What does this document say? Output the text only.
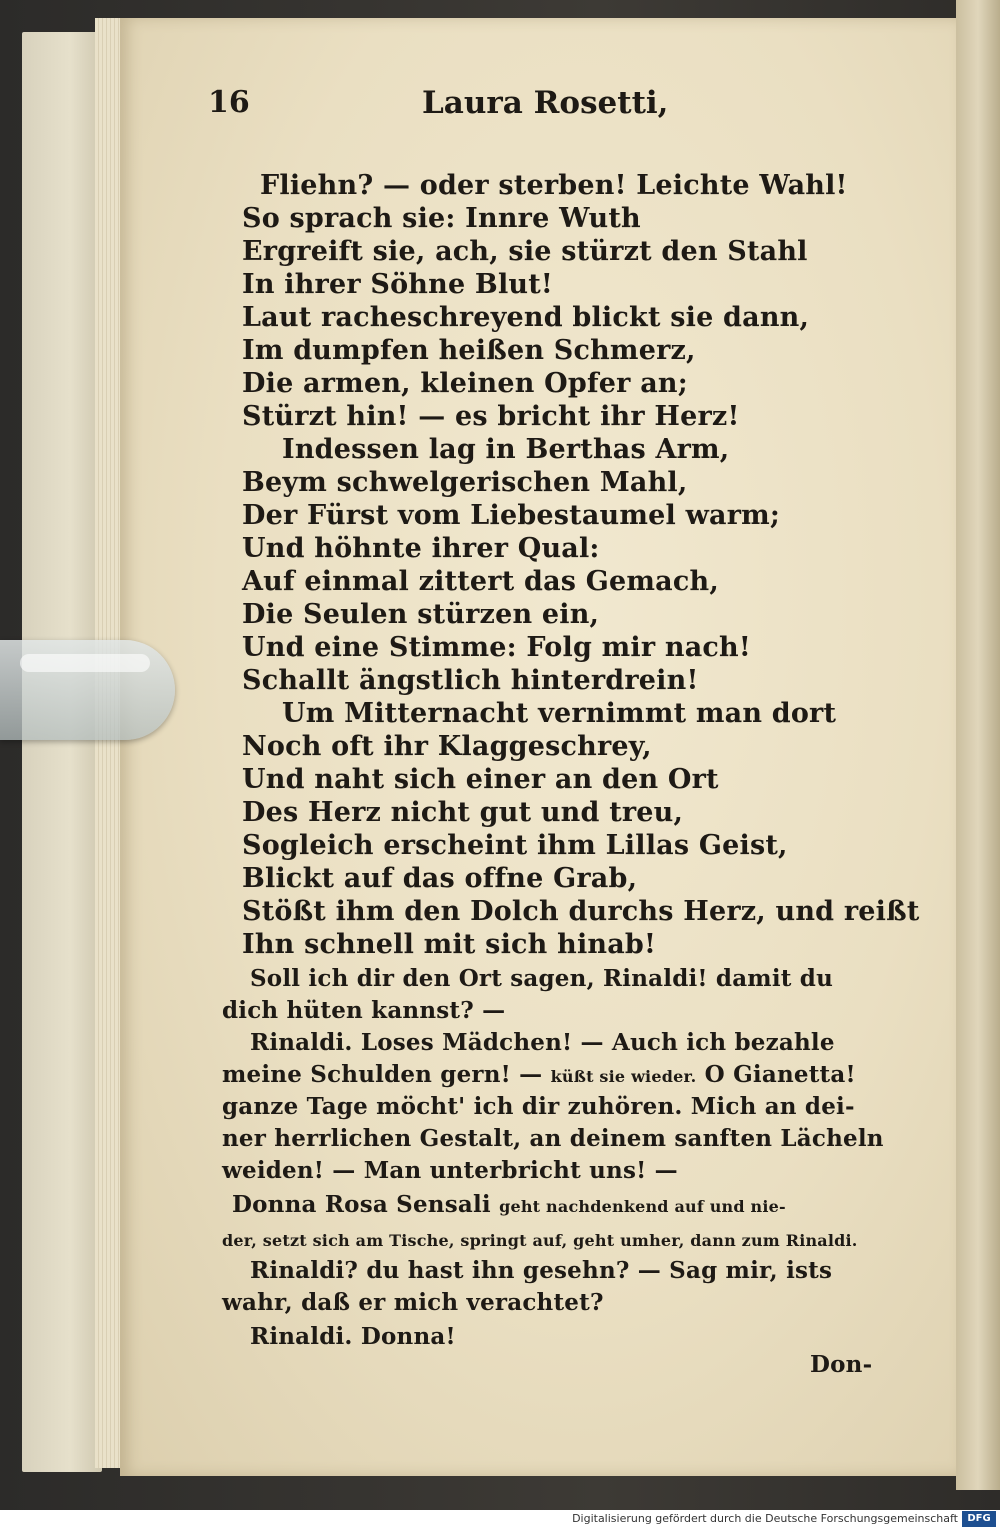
16	Laura Rosetti,
Fliehn? — oder sterben! Leichte Wahl!
So sprach sie: Innre Wuth
Ergreift sie, ach, sie stürzt den Stahl
In ihrer Söhne Blut!
Laut racheschreyend blickt sie dann,
Im dumpfen heißen Schmerz,
Die armen, kleinen Opfer an;
Stürzt hin! — es bricht ihr Herz!
Indessen lag in Berthas Arm,
Beym schwelgerischen Mahl,
Der Fürst vom Liebestaumel warm;
Und höhnte ihrer Qual:
Auf einmal zittert das Gemach,
Die Seulen stürzen ein,
Und eine Stimme: Folg mir nach!
Schallt ängstlich hinterdrein!
Um Mitternacht vernimmt man dort
Noch oft ihr Klaggeschrey,
Und naht sich einer an den Ort
Des Herz nicht gut und treu,
Sogleich erscheint ihm Lillas Geist,
Blickt auf das offne Grab,
Stößt ihm den Dolch durchs Herz, und reißt
Ihn schnell mit sich hinab!
Soll ich dir den Ort sagen, Rinaldi! damit du
dich hüten kannst? —
Rinaldi. Loses Mädchen! — Auch ich bezahle
meine Schulden gern! — küßt sie wieder. O Gianetta!
ganze Tage möcht' ich dir zuhören. Mich an dei-
ner herrlichen Gestalt, an deinem sanften Lächeln
weiden! — Man unterbricht uns! —
Donna Rosa Sensali geht nachdenkend auf und nie-
der, setzt sich am Tische, springt auf, geht umher, dann zum Rinaldi.
Rinaldi? du hast ihn gesehn? — Sag mir, ists
wahr, daß er mich verachtet?
Rinaldi. Donna!
Don-
Digitalisierung gefördert durch die Deutsche Forschungsgemeinschaft DFG
